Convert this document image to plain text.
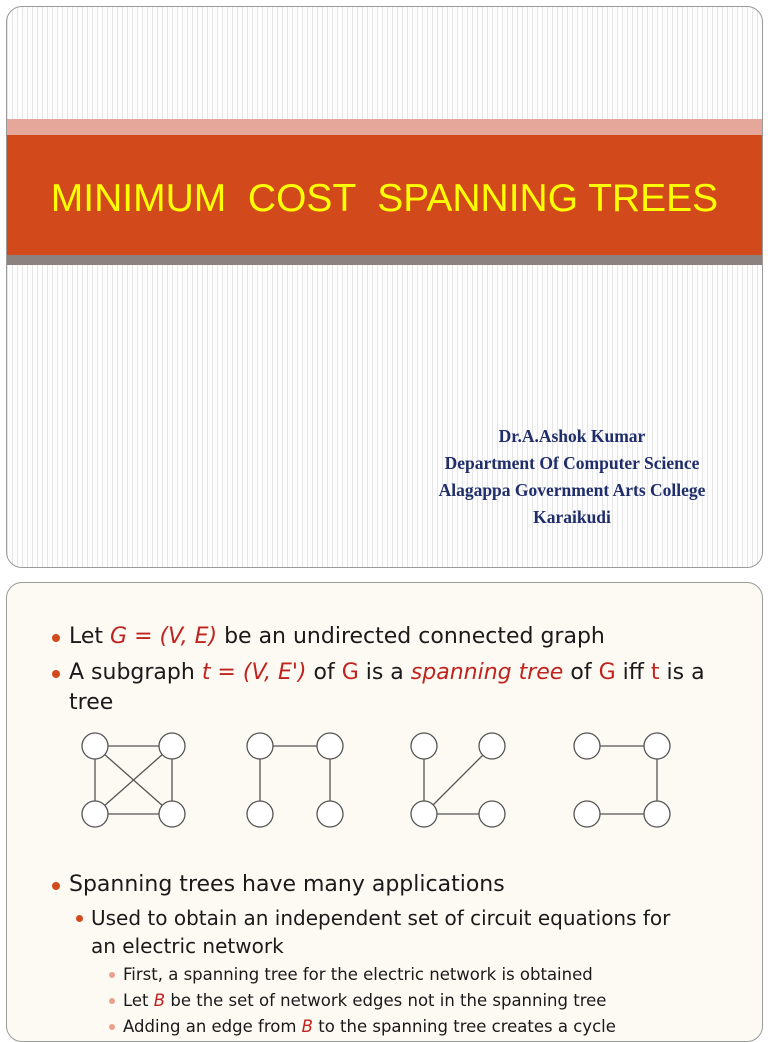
MINIMUM  COST  SPANNING TREES
Dr.A.Ashok Kumar
Department Of Computer Science
Alagappa Government Arts College
Karaikudi
Let G = (V, E) be an undirected connected graph
A subgraph t = (V, E') of G is a spanning tree of G iff t is a
tree
Spanning trees have many applications
Used to obtain an independent set of circuit equations for
an electric network
First, a spanning tree for the electric network is obtained
Let B be the set of network edges not in the spanning tree
Adding an edge from B to the spanning tree creates a cycle
